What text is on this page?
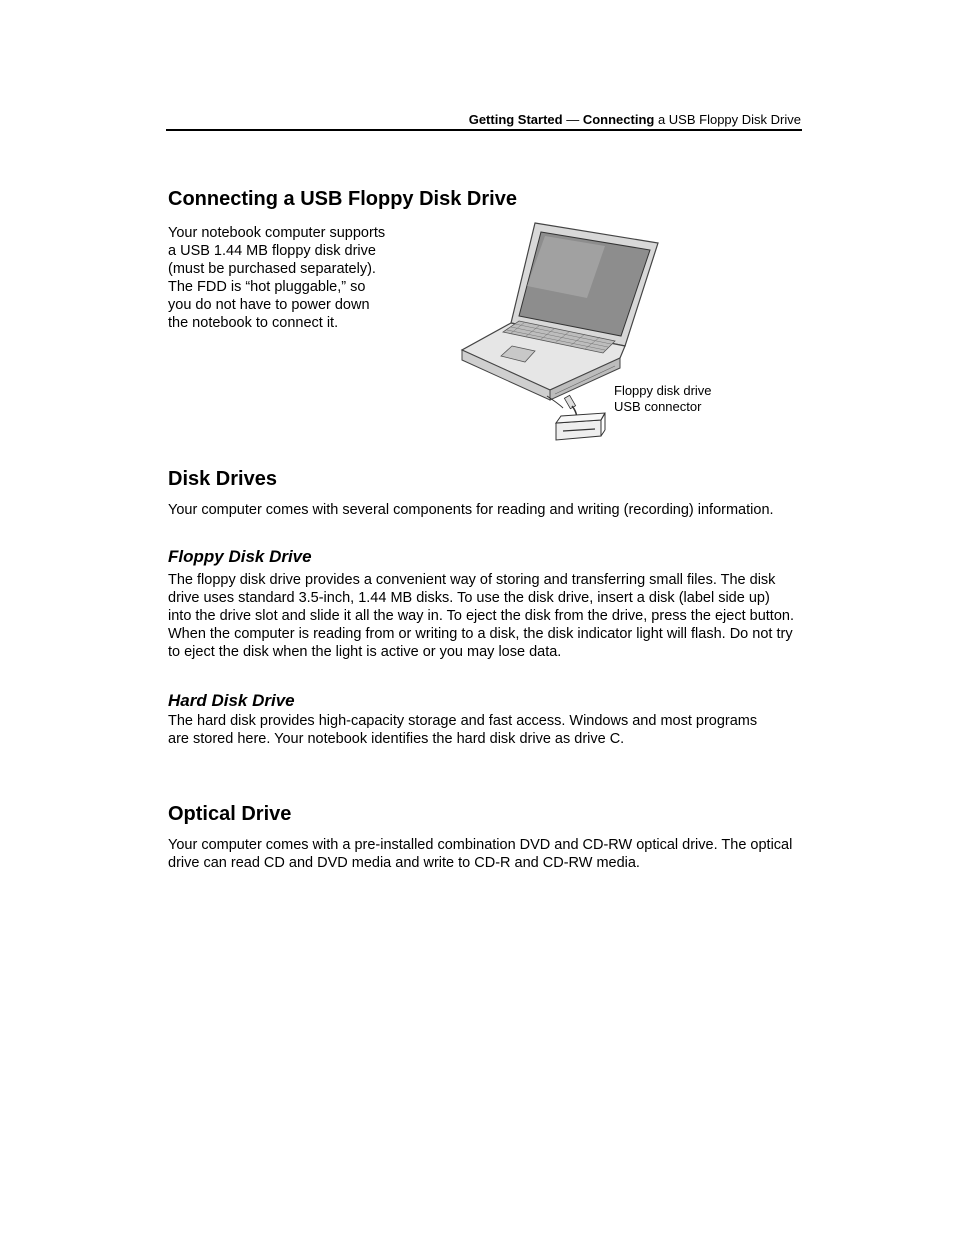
Getting Started — Connecting a USB Floppy Disk Drive
Connecting a USB Floppy Disk Drive

Your notebook computer supports a USB 1.44 MB floppy disk drive (must be purchased separately). The FDD is “hot pluggable,” so you do not have to power down the notebook to connect it.

Floppy disk drive
USB connector
Disk Drives

Your computer comes with several components for reading and writing (recording) information.

Floppy Disk Drive

The floppy disk drive provides a convenient way of storing and transferring small files. The disk drive uses standard 3.5-inch, 1.44 MB disks. To use the disk drive, insert a disk (label side up) into the drive slot and slide it all the way in. To eject the disk from the drive, press the eject button. When the computer is reading from or writing to a disk, the disk indicator light will flash. Do not try to eject the disk when the light is active or you may lose data.

Hard Disk Drive

The hard disk provides high-capacity storage and fast access. Windows and most programs are stored here. Your notebook identifies the hard disk drive as drive C.

Optical Drive

Your computer comes with a pre-installed combination DVD and CD-RW optical drive. The optical drive can read CD and DVD media and write to CD-R and CD-RW media.
